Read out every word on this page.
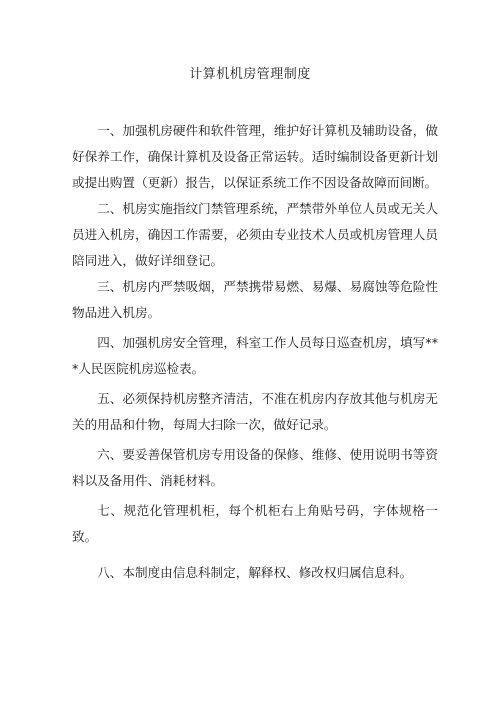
计算机机房管理制度

一、加强机房硬件和软件管理，维护好计算机及辅助设备，做好保养工作，确保计算机及设备正常运转。适时编制设备更新计划或提出购置（更新）报告，以保证系统工作不因设备故障而间断。

二、机房实施指纹门禁管理系统，严禁带外单位人员或无关人员进入机房，确因工作需要，必须由专业技术人员或机房管理人员陪同进入，做好详细登记。

三、机房内严禁吸烟，严禁携带易燃、易爆、易腐蚀等危险性物品进入机房。

四、加强机房安全管理，科室工作人员每日巡查机房，填写***人民医院机房巡检表。

五、必须保持机房整齐清洁，不准在机房内存放其他与机房无关的用品和什物，每周大扫除一次，做好记录。

六、要妥善保管机房专用设备的保修、维修、使用说明书等资料以及备用件、消耗材料。

七、规范化管理机柜，每个机柜右上角贴号码，字体规格一致。

八、本制度由信息科制定，解释权、修改权归属信息科。
